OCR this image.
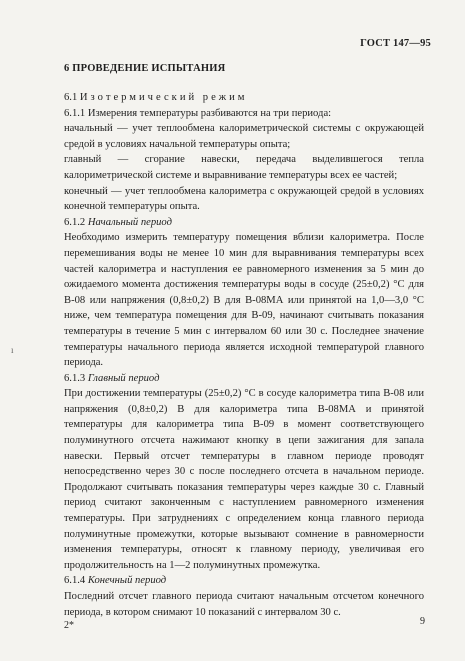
ГОСТ 147—95
6 ПРОВЕДЕНИЕ ИСПЫТАНИЯ

6.1 Изотермический режим

6.1.1 Измерения температуры разбиваются на три периода:

начальный — учет теплообмена калориметрической системы с окружающей средой в условиях начальной температуры опыта;

главный — сгорание навески, передача выделившегося тепла калориметрической системе и выравнивание температуры всех ее частей;

конечный — учет теплообмена калориметра с окружающей средой в условиях конечной температуры опыта.

6.1.2 Начальный период

Необходимо измерить температуру помещения вблизи калориметра. После перемешивания воды не менее 10 мин для выравнивания температуры всех частей калориметра и наступления ее равномерного изменения за 5 мин до ожидаемого момента достижения температуры воды в сосуде (25±0,2) °С для В-08 или напряжения (0,8±0,2) В для В-08МА или принятой на 1,0—3,0 °С ниже, чем температура помещения для В-09, начинают считывать показания температуры в течение 5 мин с интервалом 60 или 30 с. Последнее значение температуры начального периода является исходной температурой главного периода.

6.1.3 Главный период

При достижении температуры (25±0,2) °С в сосуде калориметра типа В-08 или напряжения (0,8±0,2) В для калориметра типа В-08МА и принятой температуры для калориметра типа В-09 в момент соответствующего полуминутного отсчета нажимают кнопку в цепи зажигания для запала навески. Первый отсчет температуры в главном периоде проводят непосредственно через 30 с после последнего отсчета в начальном периоде. Продолжают считывать показания температуры через каждые 30 с. Главный период считают законченным с наступлением равномерного изменения температуры. При затруднениях с определением конца главного периода полуминутные промежутки, которые вызывают сомнение в равномерности изменения температуры, относят к главному периоду, увеличивая его продолжительность на 1—2 полуминутных промежутка.

6.1.4 Конечный период

Последний отсчет главного периода считают начальным отсчетом конечного периода, в котором снимают 10 показаний с интервалом 30 с.

ı
2*	9
